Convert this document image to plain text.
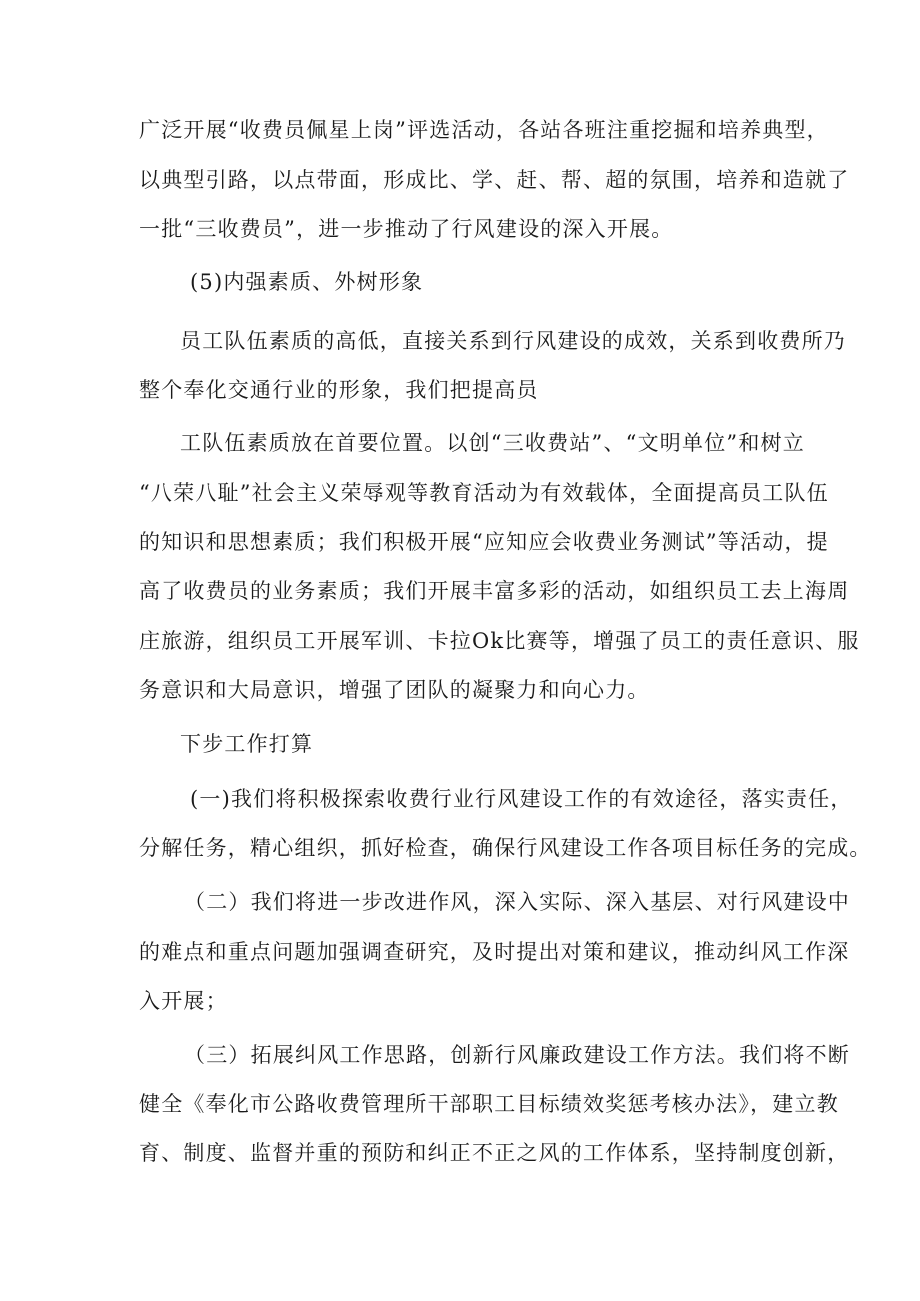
广泛开展“收费员佩星上岗”评选活动，各站各班注重挖掘和培养典型，
以典型引路，以点带面，形成比、学、赶、帮、超的氛围，培养和造就了
一批“三收费员”，进一步推动了行风建设的深入开展。
(5)内强素质、外树形象
员工队伍素质的高低，直接关系到行风建设的成效，关系到收费所乃
整个奉化交通行业的形象，我们把提高员
工队伍素质放在首要位置。以创“三收费站”、“文明单位”和树立
“八荣八耻”社会主义荣辱观等教育活动为有效载体，全面提高员工队伍
的知识和思想素质；我们积极开展“应知应会收费业务测试”等活动，提
高了收费员的业务素质；我们开展丰富多彩的活动，如组织员工去上海周
庄旅游，组织员工开展军训、卡拉Ok比赛等，增强了员工的责任意识、服
务意识和大局意识，增强了团队的凝聚力和向心力。
下步工作打算
(一)我们将积极探索收费行业行风建设工作的有效途径，落实责任，
分解任务，精心组织，抓好检查，确保行风建设工作各项目标任务的完成。
（二）我们将进一步改进作风，深入实际、深入基层、对行风建设中
的难点和重点问题加强调查研究，及时提出对策和建议，推动纠风工作深
入开展；
（三）拓展纠风工作思路，创新行风廉政建设工作方法。我们将不断
健全《奉化市公路收费管理所干部职工目标绩效奖惩考核办法》，建立教
育、制度、监督并重的预防和纠正不正之风的工作体系，坚持制度创新，
